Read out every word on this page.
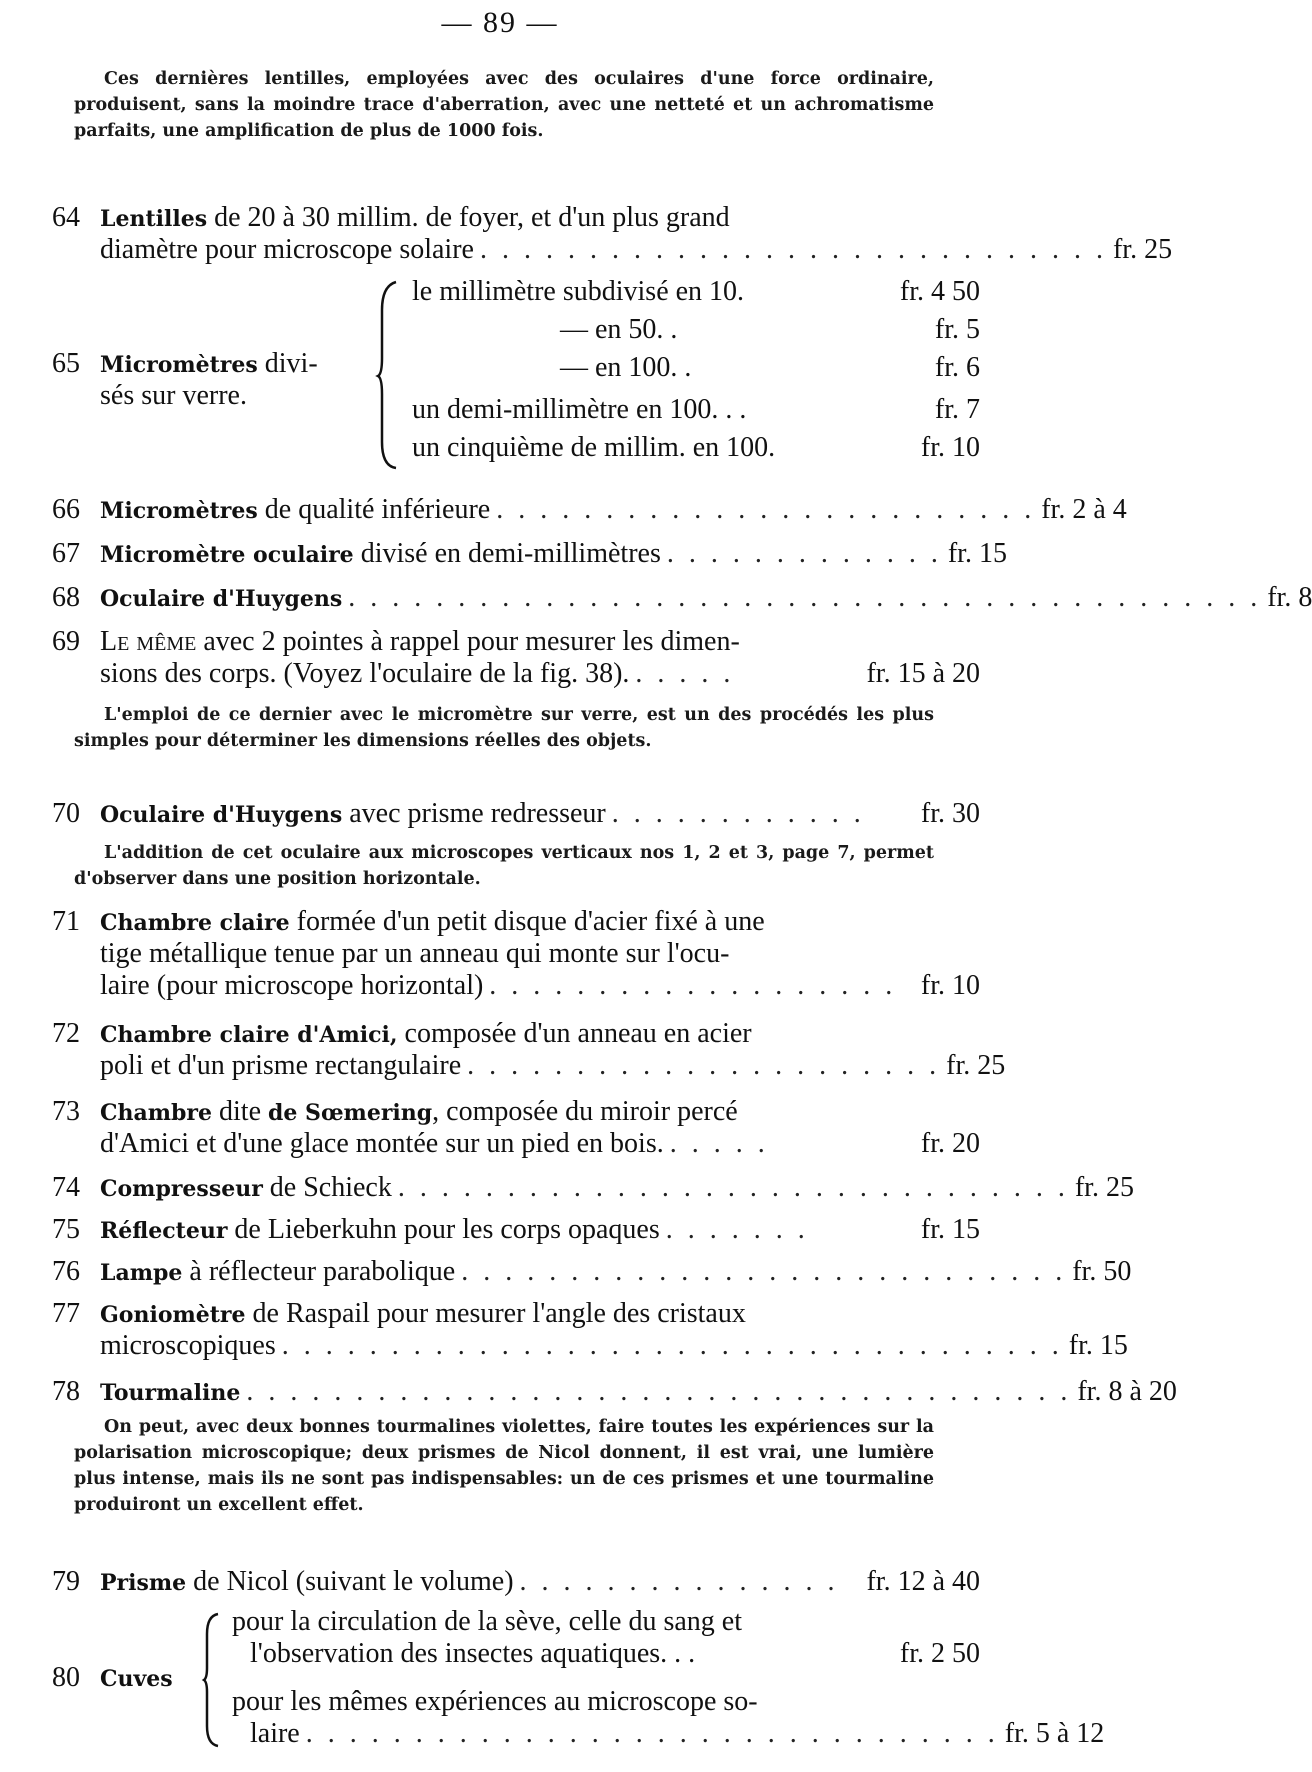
— 89 —
Ces dernières lentilles, employées avec des oculaires d'une force ordinaire, produisent, sans la moindre trace d'aberration, avec une netteté et un achromatisme parfaits, une amplification de plus de 1000 fois.
64 Lentilles de 20 à 30 millim. de foyer, et d'un plus grand
diamètre pour microscope solaire . . . . . . . . . . . . . . . . . . . . . . . . . . . . . fr. 25
65 Micromètres divi-
sés sur verre.
le millimètre subdivisé en 10.	fr. 4 50
— en 50. .	fr. 5
— en 100. .	fr. 6
un demi-millimètre en 100. . .	fr. 7
un cinquième de millim. en 100.	fr. 10
66 Micromètres de qualité inférieure . . . . . . . . . . . . . . . . . . . . . . . . . fr. 2 à 4
67 Micromètre oculaire divisé en demi-millimètres . . . . . . . . . . . . . fr. 15
68 Oculaire d'Huygens . . . . . . . . . . . . . . . . . . . . . . . . . . . . . . . . . . . . . . . . . . fr. 8
69 Le même avec 2 pointes à rappel pour mesurer les dimen-
sions des corps. (Voyez l'oculaire de la fig. 38). . . . . .	fr. 15 à 20
L'emploi de ce dernier avec le micromètre sur verre, est un des procédés les plus simples pour déterminer les dimensions réelles des objets.
70 Oculaire d'Huygens avec prisme redresseur . . . . . . . . . . . .	fr. 30
L'addition de cet oculaire aux microscopes verticaux nos 1, 2 et 3, page 7, permet d'observer dans une position horizontale.
71 Chambre claire formée d'un petit disque d'acier fixé à une
tige métallique tenue par un anneau qui monte sur l'ocu-
laire (pour microscope horizontal) . . . . . . . . . . . . . . . . . . . fr. 10
72 Chambre claire d'Amici, composée d'un anneau en acier
poli et d'un prisme rectangulaire . . . . . . . . . . . . . . . . . . . . . . fr. 25
73 Chambre dite de Sœmering, composée du miroir percé
d'Amici et d'une glace montée sur un pied en bois. . . . . .	fr. 20
74 Compresseur de Schieck . . . . . . . . . . . . . . . . . . . . . . . . . . . . . . . fr. 25
75 Réflecteur de Lieberkuhn pour les corps opaques . . . . . . .	fr. 15
76 Lampe à réflecteur parabolique . . . . . . . . . . . . . . . . . . . . . . . . . . . . fr. 50
77 Goniomètre de Raspail pour mesurer l'angle des cristaux
microscopiques . . . . . . . . . . . . . . . . . . . . . . . . . . . . . . . . . . . . fr. 15
78 Tourmaline . . . . . . . . . . . . . . . . . . . . . . . . . . . . . . . . . . . . . . fr. 8 à 20
On peut, avec deux bonnes tourmalines violettes, faire toutes les expériences sur la polarisation microscopique; deux prismes de Nicol donnent, il est vrai, une lumière plus intense, mais ils ne sont pas indispensables: un de ces prismes et une tourmaline produiront un excellent effet.
79 Prisme de Nicol (suivant le volume) . . . . . . . . . . . . . . . fr. 12 à 40
80 Cuves
pour la circulation de la sève, celle du sang et
l'observation des insectes aquatiques. . .	fr. 2 50
pour les mêmes expériences au microscope so-
laire . . . . . . . . . . . . . . . . . . . . . . . . . . . . . . . . fr. 5 à 12
